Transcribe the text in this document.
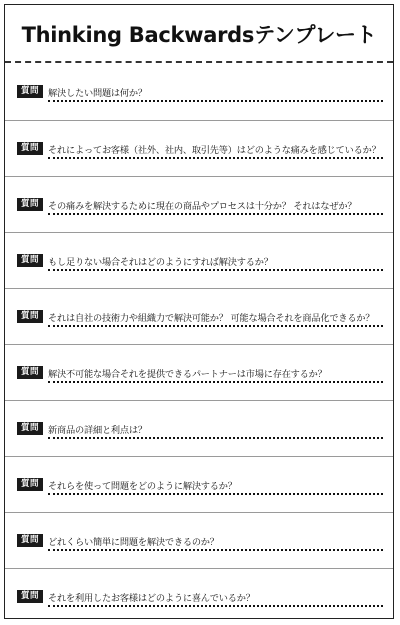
Thinking Backwardsテンプレート
質問 解決したい問題は何か？
質問 それによってお客様（社外、社内、取引先等）はどのような痛みを感じているか？
質問 その痛みを解決するために現在の商品やプロセスは十分か？ それはなぜか？
質問 もし足りない場合それはどのようにすれば解決するか？
質問 それは自社の技術力や組織力で解決可能か？ 可能な場合それを商品化できるか？
質問 解決不可能な場合それを提供できるパートナーは市場に存在するか？
質問 新商品の詳細と利点は？
質問 それらを使って問題をどのように解決するか？
質問 どれくらい簡単に問題を解決できるのか？
質問 それを利用したお客様はどのように喜んでいるか？
